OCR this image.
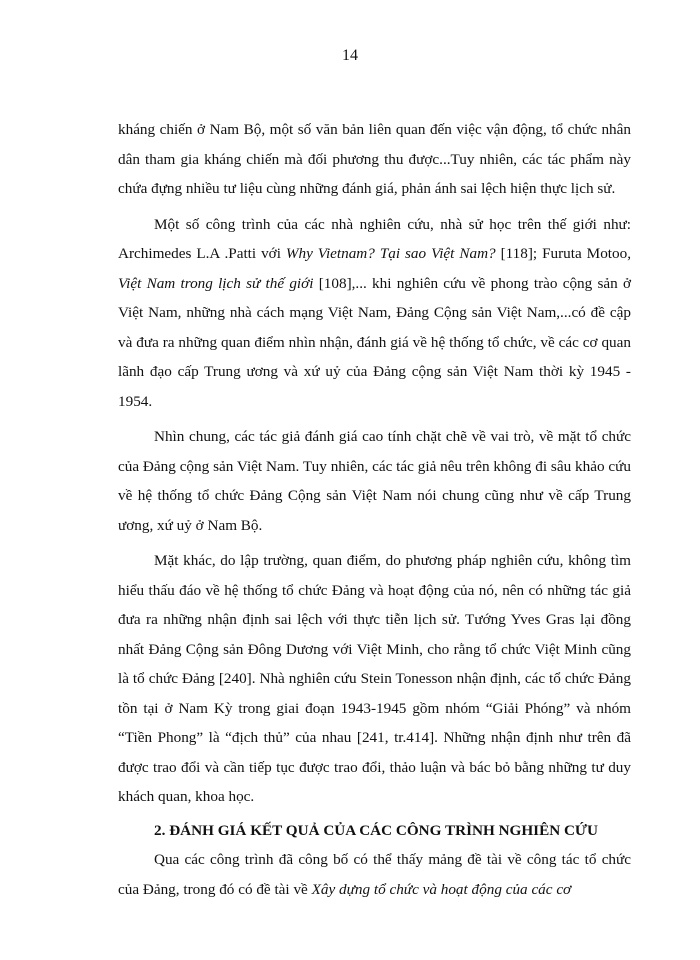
14

kháng chiến ở Nam Bộ, một số văn bản liên quan đến việc vận động, tổ chức nhân dân tham gia kháng chiến mà đối phương thu được...Tuy nhiên, các tác phẩm này chứa đựng nhiều tư liệu cùng những đánh giá, phản ánh sai lệch hiện thực lịch sử.

Một số công trình của các nhà nghiên cứu, nhà sử học trên thế giới như: Archimedes L.A .Patti với Why Vietnam? Tại sao Việt Nam? [118]; Furuta Motoo, Việt Nam trong lịch sử thế giới [108],... khi nghiên cứu về phong trào cộng sản ở Việt Nam, những nhà cách mạng Việt Nam, Đảng Cộng sản Việt Nam,...có đề cập và đưa ra những quan điểm nhìn nhận, đánh giá về hệ thống tổ chức, về các cơ quan lãnh đạo cấp Trung ương và xứ uỷ của Đảng cộng sản Việt Nam thời kỳ 1945 - 1954.

Nhìn chung, các tác giả đánh giá cao tính chặt chẽ về vai trò, về mặt tổ chức của Đảng cộng sản Việt Nam. Tuy nhiên, các tác giả nêu trên không đi sâu khảo cứu về hệ thống tổ chức Đảng Cộng sản Việt Nam nói chung cũng như về cấp Trung ương, xứ uỷ ở Nam Bộ.

Mặt khác, do lập trường, quan điểm, do phương pháp nghiên cứu, không tìm hiểu thấu đáo về hệ thống tổ chức Đảng và hoạt động của nó, nên có những tác giả đưa ra những nhận định sai lệch với thực tiễn lịch sử. Tướng Yves Gras lại đồng nhất Đảng Cộng sản Đông Dương với Việt Minh, cho rằng tổ chức Việt Minh cũng là tổ chức Đảng [240]. Nhà nghiên cứu Stein Tonesson nhận định, các tổ chức Đảng tồn tại ở Nam Kỳ trong giai đoạn 1943-1945 gồm nhóm “Giải Phóng” và nhóm “Tiền Phong” là “địch thủ” của nhau [241, tr.414]. Những nhận định như trên đã được trao đổi và cần tiếp tục được trao đổi, thảo luận và bác bỏ bằng những tư duy khách quan, khoa học.

2. ĐÁNH GIÁ KẾT QUẢ CỦA CÁC CÔNG TRÌNH NGHIÊN CỨU

Qua các công trình đã công bố có thể thấy mảng đề tài về công tác tổ chức của Đảng, trong đó có đề tài về Xây dựng tổ chức và hoạt động của các cơ
